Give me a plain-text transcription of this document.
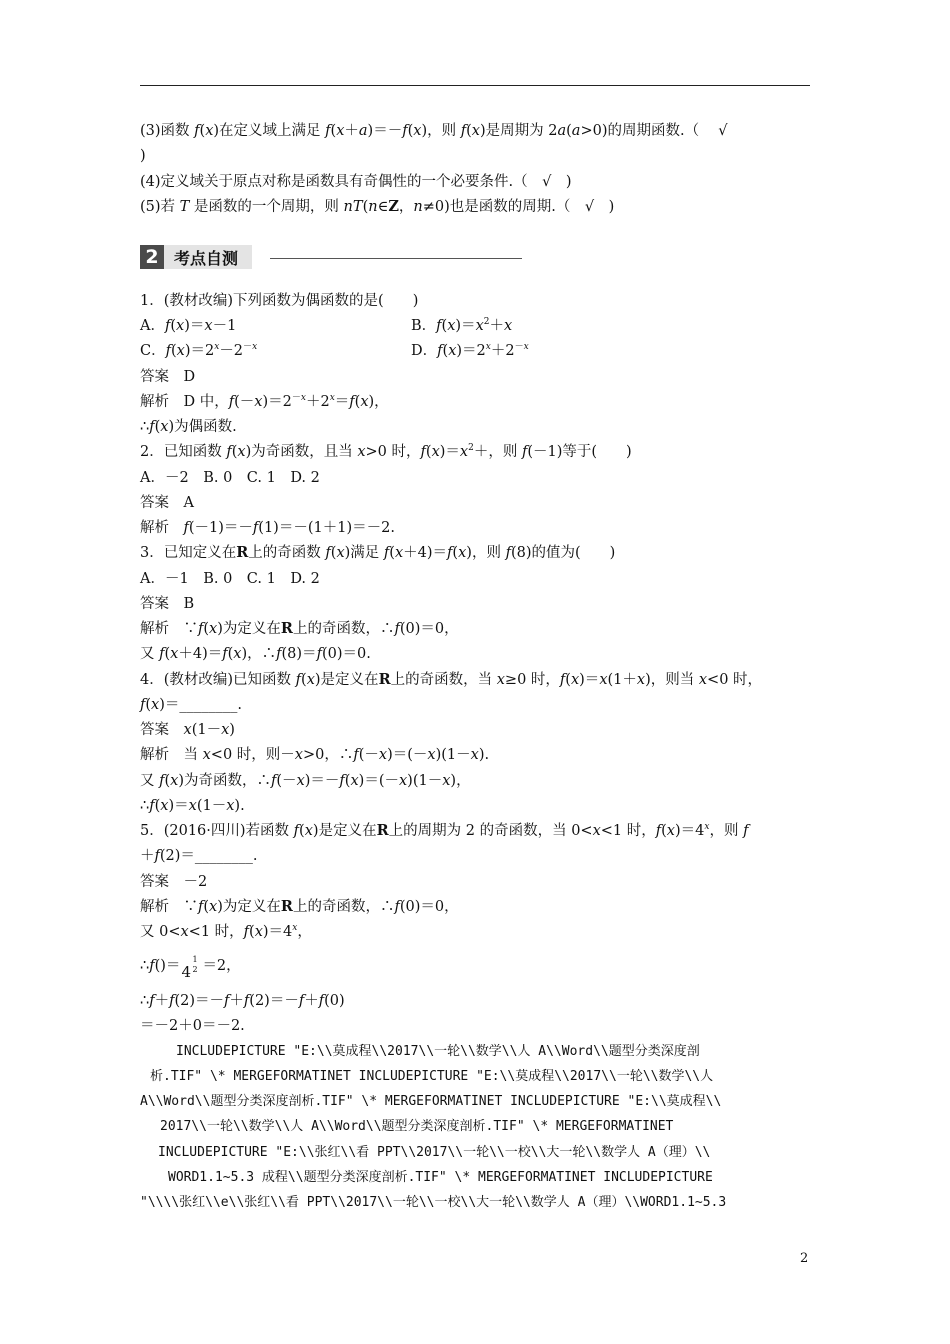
(3)函数 f(x)在定义域上满足 f(x＋a)＝－f(x)，则 f(x)是周期为 2a(a>0)的周期函数.（　 √
)
(4)定义域关于原点对称是函数具有奇偶性的一个必要条件.（　√　)
(5)若 T 是函数的一个周期，则 nT(n∈Z，n≠0)也是函数的周期.（　√　)
2 考点自测
1．(教材改编)下列函数为偶函数的是(　　)
A．f(x)＝x－1	B．$f(x)=x^2+x$
C．$f(x)=2^x-2^{-x}$	D．$f(x)=2^x+2^{-x}$
答案　D
解析　D 中，$f(-x)=2^{-x}+2^x=f(x)$，
∴f(x)为偶函数.
2．已知函数 f(x)为奇函数，且当 x>0 时，$f(x)=x^2+$，则 f(－1)等于(　　)
A．－2　B. 0　C. 1　D. 2
答案　A
解析　f(－1)＝－f(1)＝－(1＋1)＝－2.
3．已知定义在R上的奇函数 f(x)满足 f(x＋4)＝f(x)，则 f(8)的值为(　　)
A．－1　B. 0　C. 1　D. 2
答案　B
解析　∵f(x)为定义在R上的奇函数，∴f(0)＝0，
又 f(x＋4)＝f(x)，∴f(8)＝f(0)＝0.
4．(教材改编)已知函数 f(x)是定义在R上的奇函数，当 x≥0 时，f(x)＝x(1＋x)，则当 x<0 时，
f(x)＝________.
答案　x(1－x)
解析　当 x<0 时，则－x>0，∴f(－x)＝(－x)(1－x).
又 f(x)为奇函数，∴f(－x)＝－f(x)＝(－x)(1－x)，
∴f(x)＝x(1－x).
5．(2016·四川)若函数 f(x)是定义在R上的周期为 2 的奇函数，当 0<x<1 时，$f(x)=4^x$，则 f
＋f(2)＝________.
答案　－2
解析　∵f(x)为定义在R上的奇函数，∴f(0)＝0，
又 0<x<1 时，$f(x)=4^x$，
∴f()＝ 4
1
2 ＝2，
∴f＋f(2)＝－f＋f(2)＝－f＋f(0)
＝－2＋0＝－2.
INCLUDEPICTURE "E:\\莫成程\\2017\\一轮\\数学\\人 A\\Word\\题型分类深度剖
析.TIF" \* MERGEFORMATINET INCLUDEPICTURE "E:\\莫成程\\2017\\一轮\\数学\\人
A\\Word\\题型分类深度剖析.TIF" \* MERGEFORMATINET INCLUDEPICTURE "E:\\莫成程\\
2017\\一轮\\数学\\人 A\\Word\\题型分类深度剖析.TIF" \* MERGEFORMATINET
INCLUDEPICTURE "E:\\张红\\看 PPT\\2017\\一轮\\一校\\大一轮\\数学人 A（理）\\
WORD1.1~5.3 成程\\题型分类深度剖析.TIF" \* MERGEFORMATINET INCLUDEPICTURE
"\\\\张红\\e\\张红\\看 PPT\\2017\\一轮\\一校\\大一轮\\数学人 A（理）\\WORD1.1~5.3
2
